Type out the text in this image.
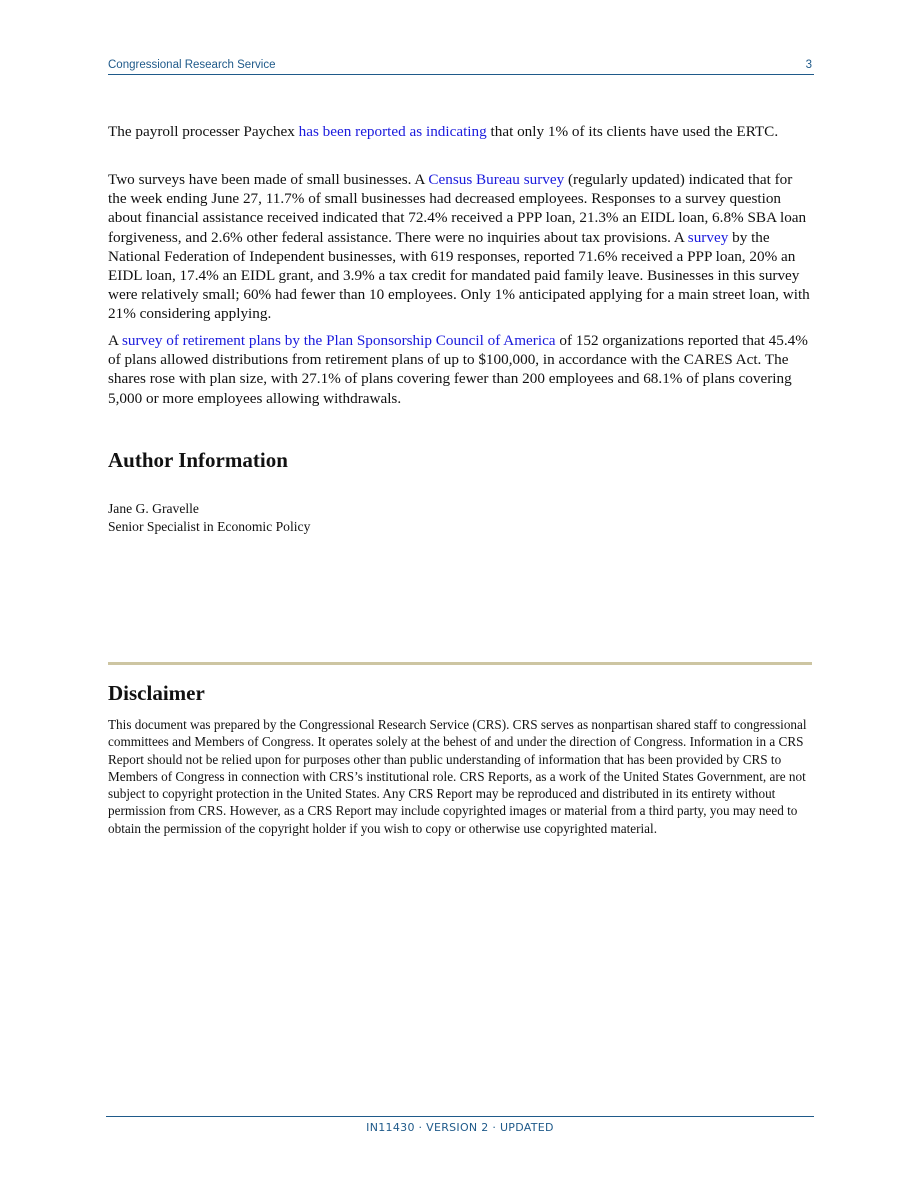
Congressional Research Service	3

The payroll processer Paychex has been reported as indicating that only 1% of its clients have used the ERTC.

Two surveys have been made of small businesses. A Census Bureau survey (regularly updated) indicated that for the week ending June 27, 11.7% of small businesses had decreased employees. Responses to a survey question about financial assistance received indicated that 72.4% received a PPP loan, 21.3% an EIDL loan, 6.8% SBA loan forgiveness, and 2.6% other federal assistance. There were no inquiries about tax provisions. A survey by the National Federation of Independent businesses, with 619 responses, reported 71.6% received a PPP loan, 20% an EIDL loan, 17.4% an EIDL grant, and 3.9% a tax credit for mandated paid family leave. Businesses in this survey were relatively small; 60% had fewer than 10 employees. Only 1% anticipated applying for a main street loan, with 21% considering applying.

A survey of retirement plans by the Plan Sponsorship Council of America of 152 organizations reported that 45.4% of plans allowed distributions from retirement plans of up to $100,000, in accordance with the CARES Act. The shares rose with plan size, with 27.1% of plans covering fewer than 200 employees and 68.1% of plans covering 5,000 or more employees allowing withdrawals.

Author Information

Jane G. Gravelle

Senior Specialist in Economic Policy

Disclaimer

This document was prepared by the Congressional Research Service (CRS). CRS serves as nonpartisan shared staff to congressional committees and Members of Congress. It operates solely at the behest of and under the direction of Congress. Information in a CRS Report should not be relied upon for purposes other than public understanding of information that has been provided by CRS to Members of Congress in connection with CRS’s institutional role. CRS Reports, as a work of the United States Government, are not subject to copyright protection in the United States. Any CRS Report may be reproduced and distributed in its entirety without permission from CRS. However, as a CRS Report may include copyrighted images or material from a third party, you may need to obtain the permission of the copyright holder if you wish to copy or otherwise use copyrighted material.

IN11430 · VERSION 2 · UPDATED
